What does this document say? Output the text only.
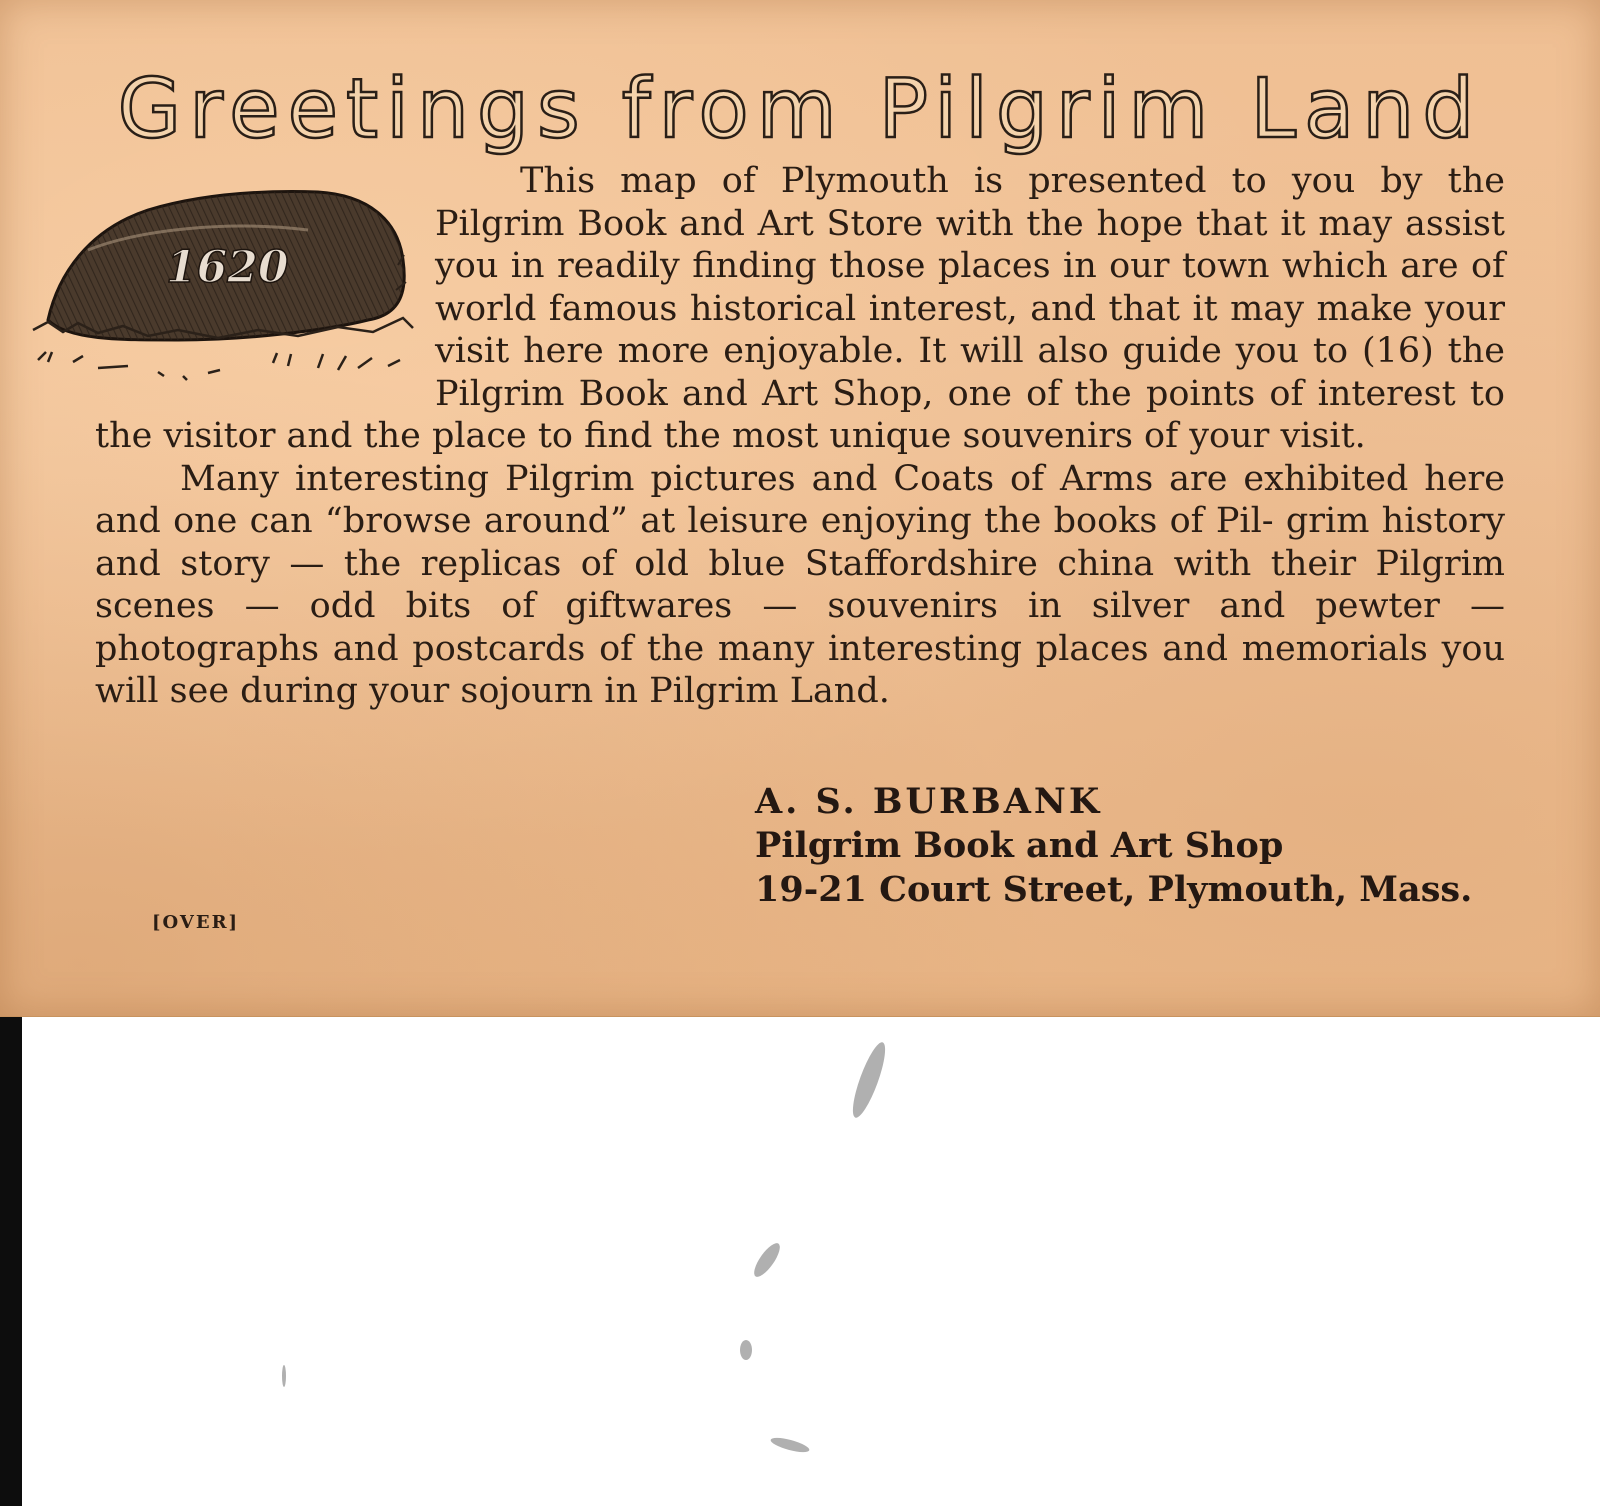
Greetings from Pilgrim Land
1620

This map of Plymouth is presented to you by the Pilgrim Book and Art Store with the hope that it may assist you in readily finding those places in our town which are of world famous historical interest, and that it may make your visit here more enjoyable. It will also guide you to (16) the Pilgrim Book and Art Shop, one of the points of interest to the visitor and the place to find the most unique souvenirs of your visit.

Many interesting Pilgrim pictures and Coats of Arms are exhibited here and one can “browse around” at leisure enjoying the books of Pil- grim history and story — the replicas of old blue Staffordshire china with their Pilgrim scenes — odd bits of giftwares — souvenirs in silver and pewter — photographs and postcards of the many interesting places and memorials you will see during your sojourn in Pilgrim Land.

A. S. BURBANK
Pilgrim Book and Art Shop
19-21 Court Street, Plymouth, Mass.
[OVER]
